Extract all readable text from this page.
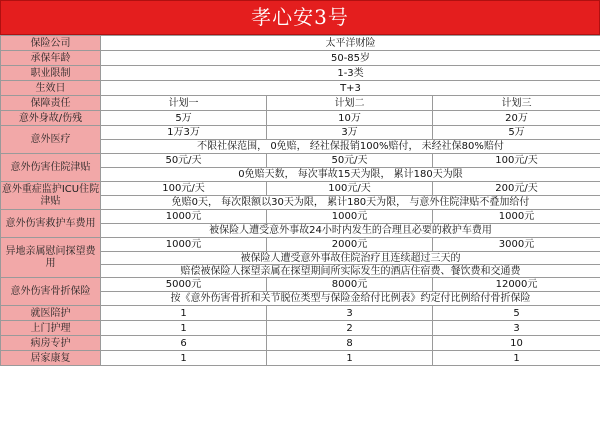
孝心安3号
保险公司	太平洋财险		
承保年龄	50-85岁		
职业限制	1-3类		
生效日	T+3		
保障责任	计划一	计划二	计划三
意外身故/伤残	5万	10万	20万
意外医疗	1万3万	3万	5万
	不限社保范围， 0免赔， 经社保报销100%赔付， 未经社保80%赔付		
意外伤害住院津贴	50元/天	50元/天	100元/天
	0免赔天数， 每次事故15天为限， 累计180天为限		
意外重症监护ICU住院津贴	100元/天	100元/天	200元/天
	免赔0天， 每次限额以30天为限， 累计180天为限， 与意外住院津贴不叠加给付		
意外伤害救护车费用	1000元	1000元	1000元
	被保险人遭受意外事故24小时内发生的合理且必要的救护车费用		
异地亲属慰问探望费用	1000元	2000元	3000元
	被保险人遭受意外事故住院治疗且连续超过三天的		
	赔偿被保险人探望亲属在探望期间所实际发生的酒店住宿费、餐饮费和交通费		
意外伤害骨折保险	5000元	8000元	12000元
	按《意外伤害骨折和关节脱位类型与保险金给付比例表》约定付比例给付骨折保险		
就医陪护	1	3	5
上门护理	1	2	3
病房专护	6	8	10
居家康复	1	1	1
